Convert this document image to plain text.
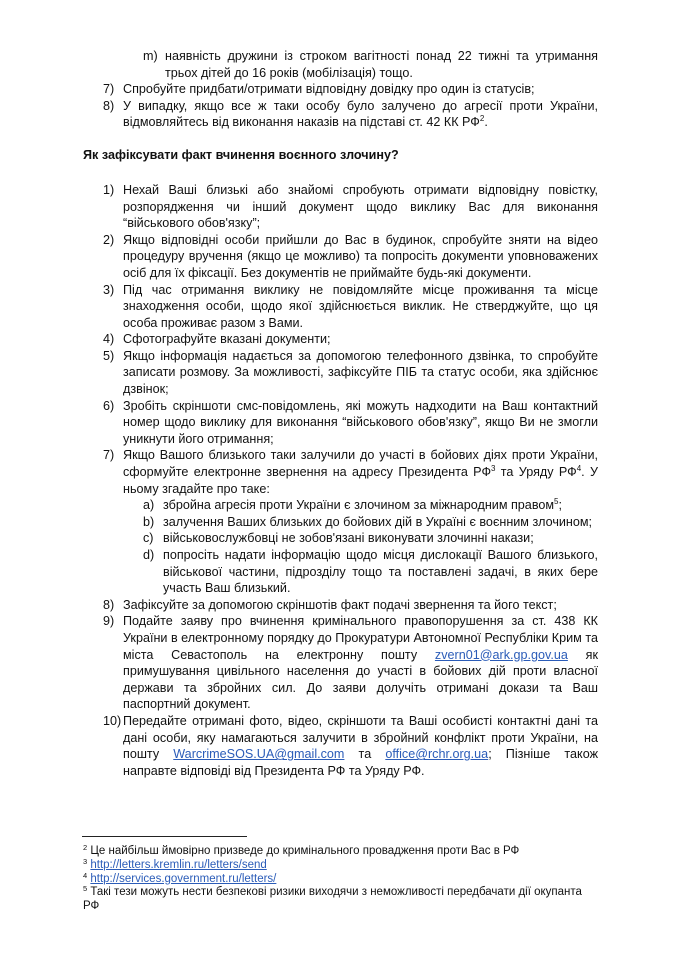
m) наявність дружини із строком вагітності понад 22 тижні та утримання трьох дітей до 16 років (мобілізація) тощо.
7) Спробуйте придбати/отримати відповідну довідку про один із статусів;
8) У випадку, якщо все ж таки особу було залучено до агресії проти України, відмовляйтесь від виконання наказів на підставі ст. 42 КК РФ$^2$.
Як зафіксувати факт вчинення воєнного злочину?
1) Нехай Ваші близькі або знайомі спробують отримати відповідну повістку, розпорядження чи інший документ щодо виклику Вас для виконання “військового обов'язку”;
2) Якщо відповідні особи прийшли до Вас в будинок, спробуйте зняти на відео процедуру вручення (якщо це можливо) та попросіть документи уповноважених осіб для їх фіксації. Без документів не приймайте будь-які документи.
3) Під час отримання виклику не повідомляйте місце проживання та місце знаходження особи, щодо якої здійснюється виклик. Не стверджуйте, що ця особа проживає разом з Вами.
4) Сфотографуйте вказані документи;
5) Якщо інформація надається за допомогою телефонного дзвінка, то спробуйте записати розмову. За можливості, зафіксуйте ПІБ та статус особи, яка здійснює дзвінок;
6) Зробіть скріншоти смс-повідомлень, які можуть надходити на Ваш контактний номер щодо виклику для виконання “військового обов'язку”, якщо Ви не змогли уникнути його отримання;
7) Якщо Вашого близького таки залучили до участі в бойових діях проти України, сформуйте електронне звернення на адресу Президента РФ$^3$ та Уряду РФ$^4$. У ньому згадайте про таке:
a) збройна агресія проти України є злочином за міжнародним правом$^5$;
b) залучення Ваших близьких до бойових дій в Україні є воєнним злочином;
c) військовослужбовці не зобов'язані виконувати злочинні накази;
d) попросіть надати інформацію щодо місця дислокації Вашого близького, військової частини, підрозділу тощо та поставлені задачі, в яких бере участь Ваш близький.
8) Зафіксуйте за допомогою скріншотів факт подачі звернення та його текст;
9) Подайте заяву про вчинення кримінального правопорушення за ст. 438 КК України в електронному порядку до Прокуратури Автономної Республіки Крим та міста Севастополь на електронну пошту zvern01@ark.gp.gov.ua як примушування цивільного населення до участі в бойових дій проти власної держави та збройних сил. До заяви долучіть отримані докази та Ваш паспортний документ.
10) Передайте отримані фото, відео, скріншоти та Ваші особисті контактні дані та дані особи, яку намагаються залучити в збройний конфлікт проти України, на пошту WarcrimeSOS.UA@gmail.com та office@rchr.org.ua; Пізніше також направте відповіді від Президента РФ та Уряду РФ.
$^2$ Це найбільш ймовірно призведе до кримінального провадження проти Вас в РФ
$^3$ http://letters.kremlin.ru/letters/send
$^4$ http://services.government.ru/letters/
$^5$ Такі тези можуть нести безпекові ризики виходячи з неможливості передбачати дії окупанта РФ
